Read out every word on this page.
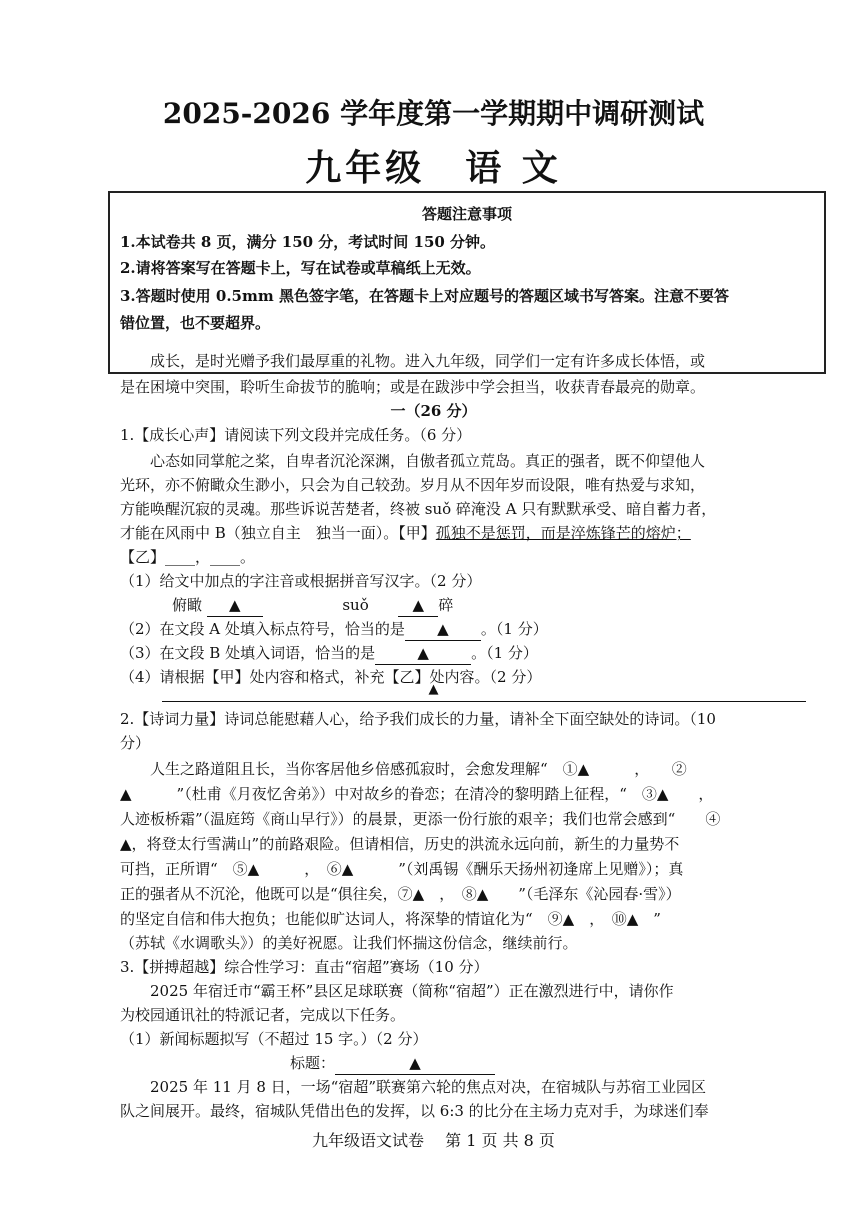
2025-2026 学年度第一学期期中调研测试
九年级　语 文
答题注意事项
1.本试卷共 8 页，满分 150 分，考试时间 150 分钟。
2.请将答案写在答题卡上，写在试卷或草稿纸上无效。
3.答题时使用 0.5mm 黑色签字笔，在答题卡上对应题号的答题区域书写答案。注意不要答
错位置，也不要超界。
　　成长，是时光赠予我们最厚重的礼物。进入九年级，同学们一定有许多成长体悟，或
是在困境中突围，聆听生命拔节的脆响；或是在跋涉中学会担当，收获青春最亮的勋章。
一（26 分）
1.【成长心声】请阅读下列文段并完成任务。（6 分）
　　心态如同掌舵之桨，自卑者沉沦深渊，自傲者孤立荒岛。真正的强者，既不仰望他人
光环，亦不俯瞰众生渺小，只会为自己较劲。岁月从不因年岁而设限，唯有热爱与求知，
方能唤醒沉寂的灵魂。那些诉说苦楚者，终被 suǒ 碎淹没 A 只有默默承受、暗自蓄力者，
才能在风雨中 B（独立自主　独当一面）。【甲】孤独不是惩罚，而是淬炼锋芒的熔炉；
【乙】____，____。
（1）给文中加点的字注音或根据拼音写汉字。（2 分）
俯瞰 ▲	suǒ	▲ 碎
（2）在文段 A 处填入标点符号，恰当的是 ▲ 。（1 分）
（3）在文段 B 处填入词语，恰当的是	▲	。（1 分）
（4）请根据【甲】处内容和格式，补充【乙】处内容。（2 分）
▲
2.【诗词力量】诗词总能慰藉人心，给予我们成长的力量，请补全下面空缺处的诗词。（10
分）
　　人生之路道阻且长，当你客居他乡倍感孤寂时，会愈发理解“　①▲　　　，　　②
▲　　　”（杜甫《月夜忆舍弟》）中对故乡的眷恋；在清冷的黎明踏上征程，“　③▲　　，
人迹板桥霜”（温庭筠《商山早行》）的晨景，更添一份行旅的艰辛；我们也常会感到“　　④
▲，将登太行雪满山”的前路艰险。但请相信，历史的洪流永远向前，新生的力量势不
可挡，正所谓“　⑤▲　　　，　⑥▲　　　”（刘禹锡《酬乐天扬州初逢席上见赠》）；真
正的强者从不沉沦，他既可以是“俱往矣，⑦▲　，　⑧▲　　”（毛泽东《沁园春·雪》）
的坚定自信和伟大抱负；也能似旷达词人，将深挚的情谊化为“　⑨▲　，　⑩▲　”
（苏轼《水调歌头》）的美好祝愿。让我们怀揣这份信念，继续前行。
3.【拼搏超越】综合性学习：直击“宿超”赛场（10 分）
　　2025 年宿迁市“霸王杯”县区足球联赛（简称“宿超”）正在激烈进行中，请你作
为校园通讯社的特派记者，完成以下任务。
（1）新闻标题拟写（不超过 15 字。）（2 分）
标题：	▲
　　2025 年 11 月 8 日，一场“宿超”联赛第六轮的焦点对决，在宿城队与苏宿工业园区
队之间展开。最终，宿城队凭借出色的发挥，以 6:3 的比分在主场力克对手，为球迷们奉
九年级语文试卷　 第 1 页 共 8 页
